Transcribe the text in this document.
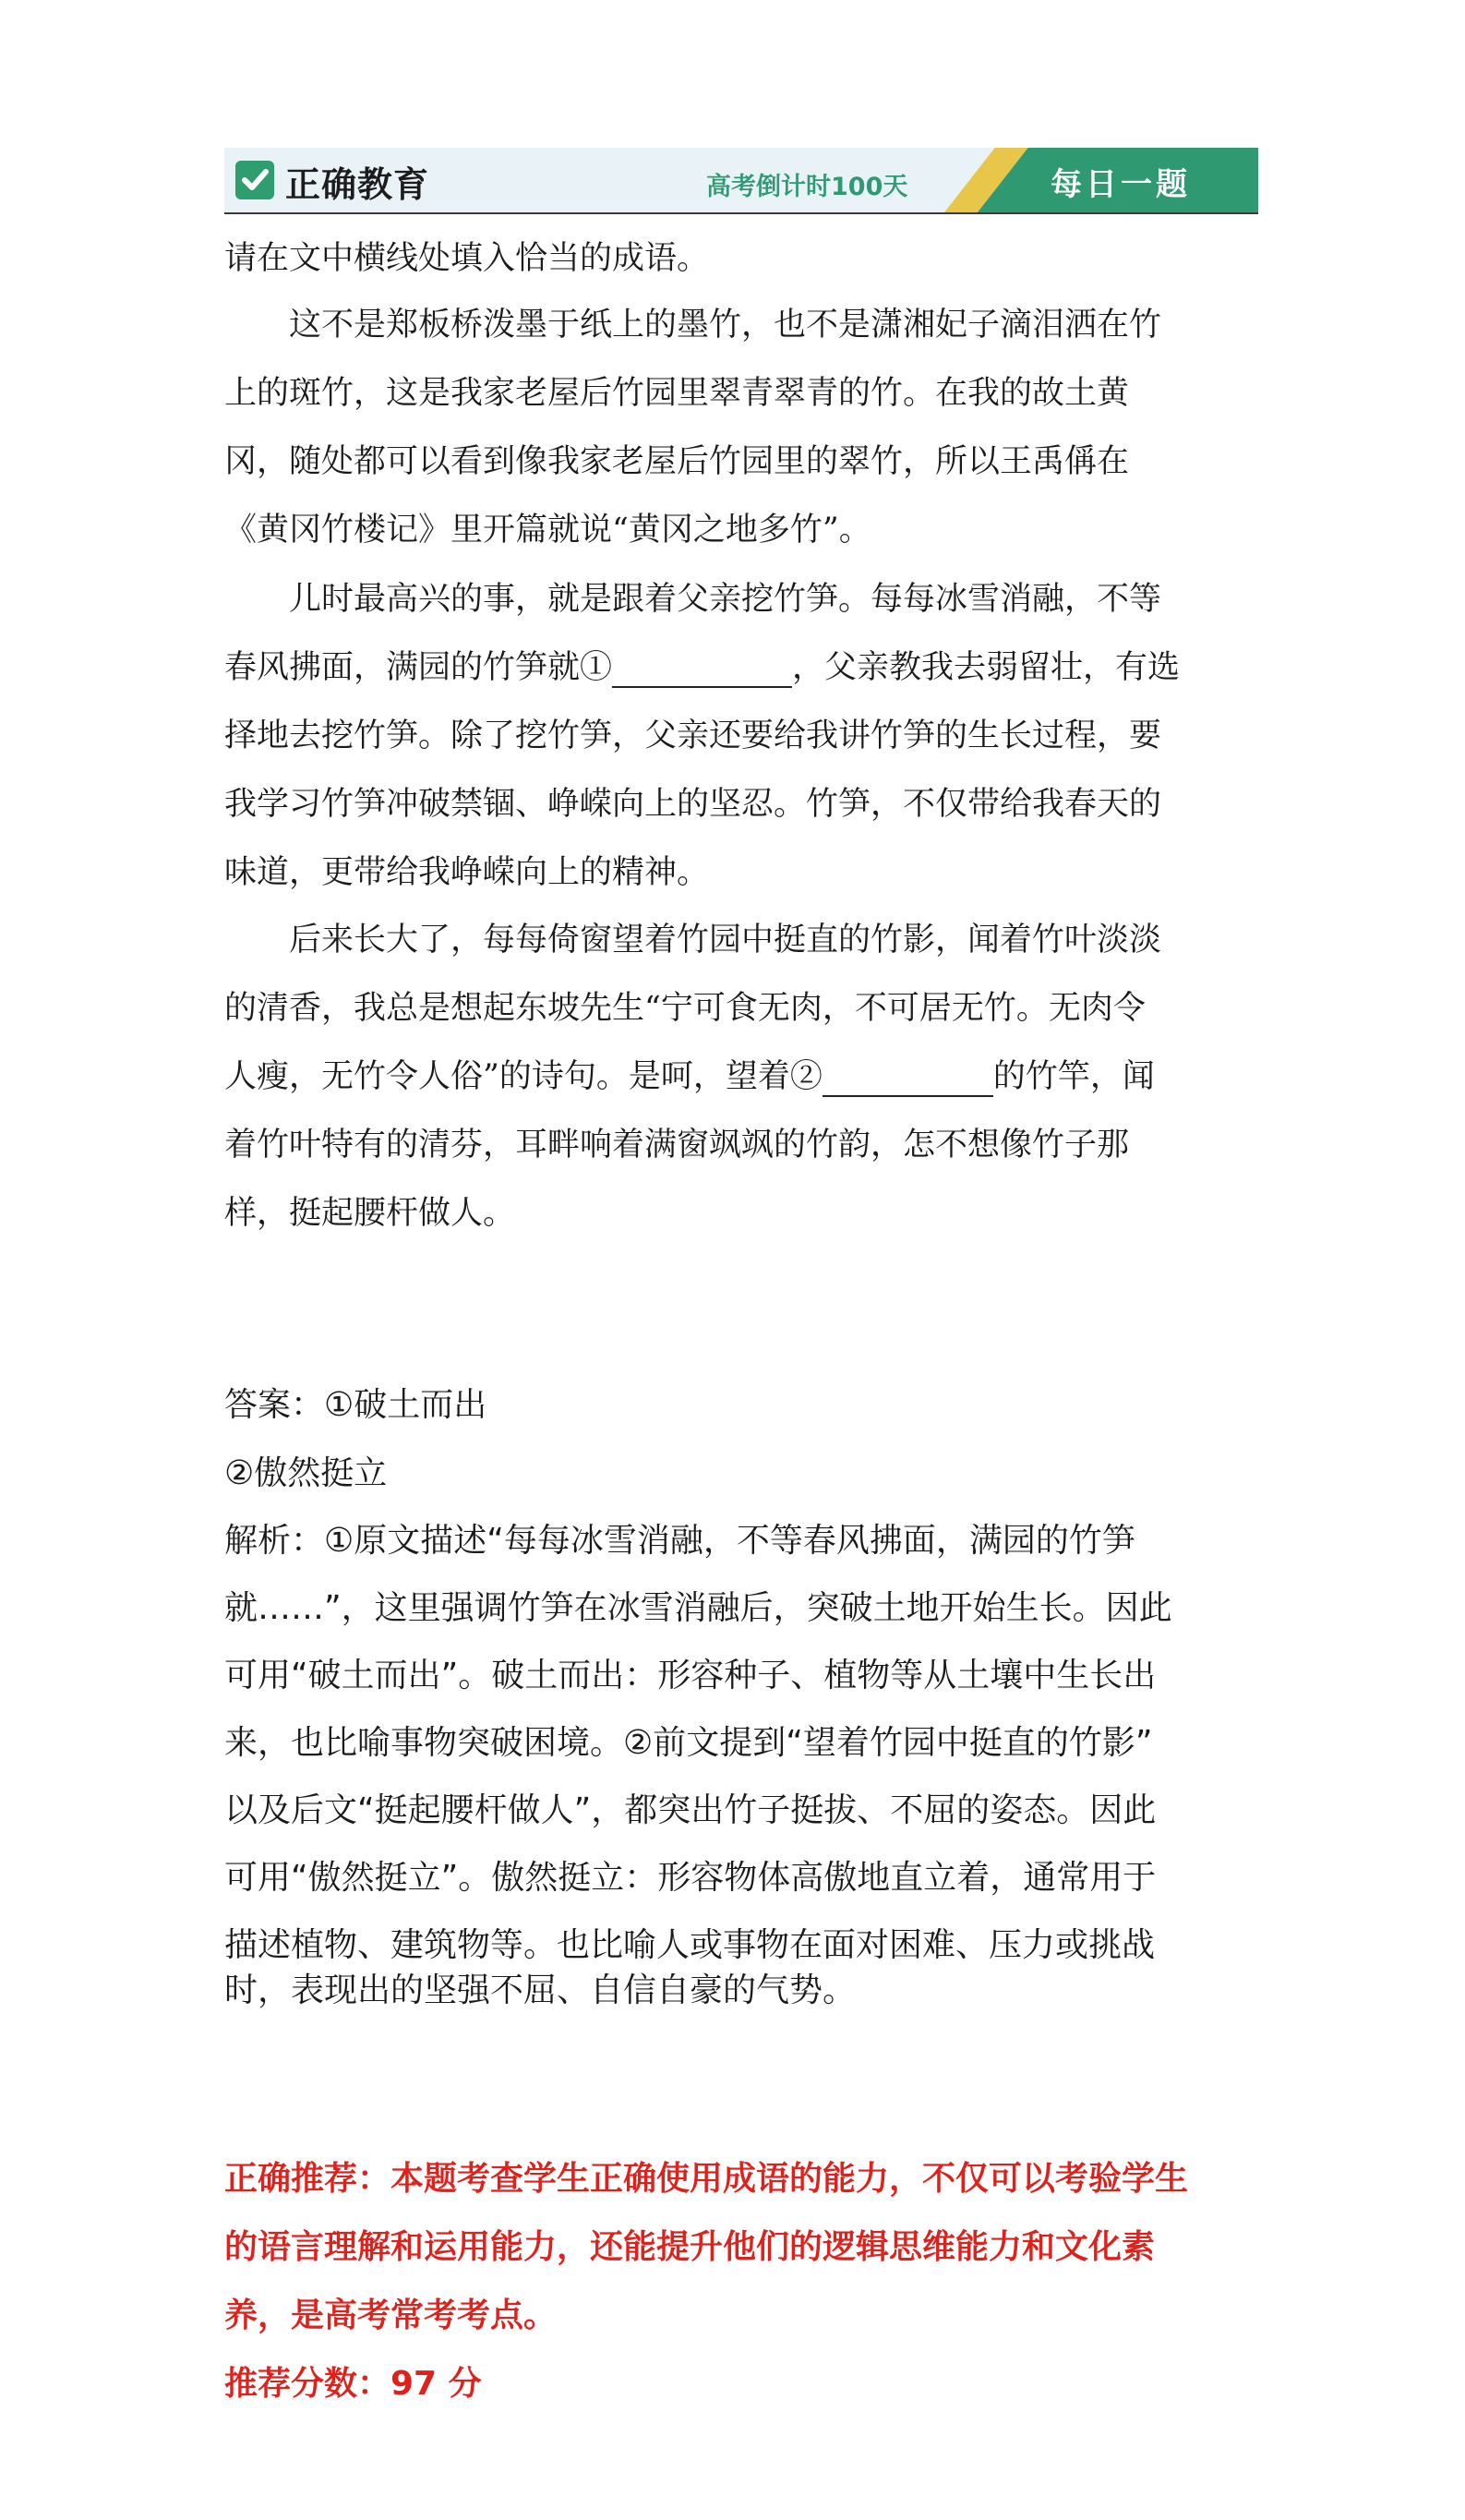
正确教育	高考倒计时100天	每日一题
请在文中横线处填入恰当的成语。
这不是郑板桥泼墨于纸上的墨竹，也不是潇湘妃子滴泪洒在竹
上的斑竹，这是我家老屋后竹园里翠青翠青的竹。在我的故土黄
冈，随处都可以看到像我家老屋后竹园里的翠竹，所以王禹偁在
《黄冈竹楼记》里开篇就说“黄冈之地多竹”。
儿时最高兴的事，就是跟着父亲挖竹笋。每每冰雪消融，不等
春风拂面，满园的竹笋就①	，父亲教我去弱留壮，有选
择地去挖竹笋。除了挖竹笋，父亲还要给我讲竹笋的生长过程，要
我学习竹笋冲破禁锢、峥嵘向上的坚忍。竹笋，不仅带给我春天的
味道，更带给我峥嵘向上的精神。
后来长大了，每每倚窗望着竹园中挺直的竹影，闻着竹叶淡淡
的清香，我总是想起东坡先生“宁可食无肉，不可居无竹。无肉令
人瘦，无竹令人俗”的诗句。是呵，望着②	的竹竿，闻
着竹叶特有的清芬，耳畔响着满窗飒飒的竹韵，怎不想像竹子那
样，挺起腰杆做人。
答案：①破土而出
②傲然挺立
解析：①原文描述“每每冰雪消融，不等春风拂面，满园的竹笋
就……”，这里强调竹笋在冰雪消融后，突破土地开始生长。因此
可用“破土而出”。破土而出：形容种子、植物等从土壤中生长出
来，也比喻事物突破困境。②前文提到“望着竹园中挺直的竹影”
以及后文“挺起腰杆做人”，都突出竹子挺拔、不屈的姿态。因此
可用“傲然挺立”。傲然挺立：形容物体高傲地直立着，通常用于
描述植物、建筑物等。也比喻人或事物在面对困难、压力或挑战
时，表现出的坚强不屈、自信自豪的气势。
正确推荐：本题考查学生正确使用成语的能力，不仅可以考验学生
的语言理解和运用能力，还能提升他们的逻辑思维能力和文化素
养，是高考常考考点。
推荐分数：97 分
